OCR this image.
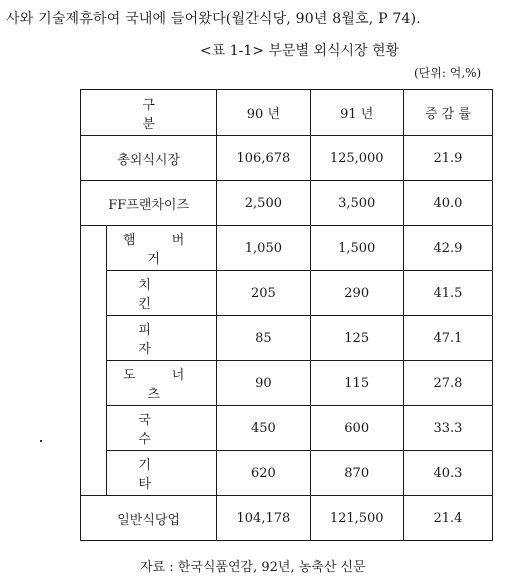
사와 기술제휴하여 국내에 들어왔다(월간식당, 90년 8월호, P 74).
<표 1-1> 부문별 외식시장 현황
(단위: 억,%)
구 분		90 년	91 년	증 감 률
총외식시장		106,678	125,000	21.9
FF프랜차이즈		2,500	3,500	40.0
	햄 버 거	1,050	1,500	42.9
	치 킨	205	290	41.5
	피 자	85	125	47.1
	도 너 츠	90	115	27.8
	국 수	450	600	33.3
	기 타	620	870	40.3
일반식당업		104,178	121,500	21.4
자료 : 한국식품연감, 92년, 농축산 신문
